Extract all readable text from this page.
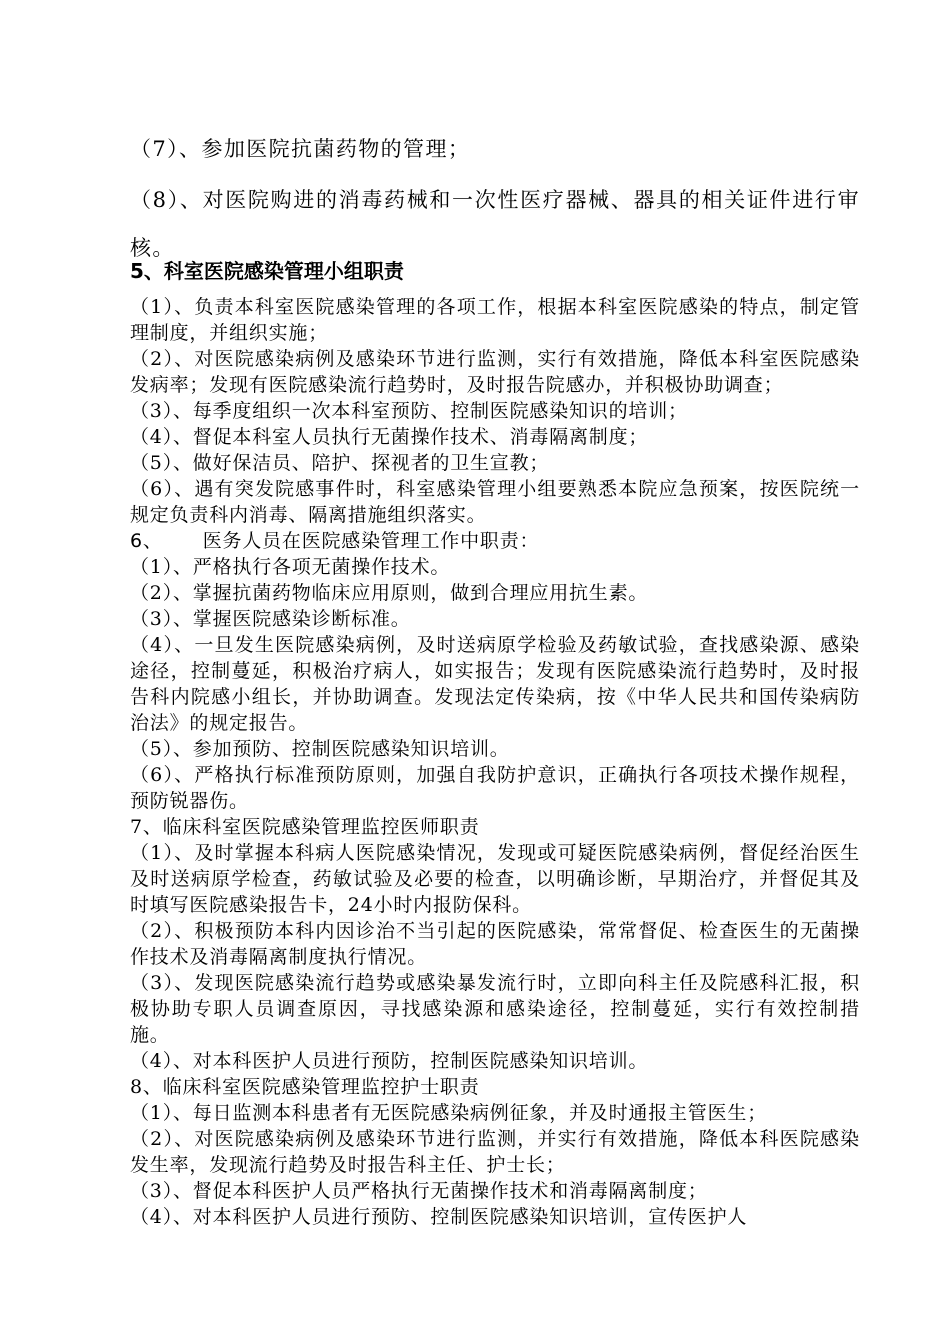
（7）、参加医院抗菌药物的管理；

（8）、对医院购进的消毒药械和一次性医疗器械、器具的相关证件进行审核。

5、科室医院感染管理小组职责
（1）、负责本科室医院感染管理的各项工作，根据本科室医院感染的特点，制定管理制度，并组织实施；
（2）、对医院感染病例及感染环节进行监测，实行有效措施，降低本科室医院感染发病率；发现有医院感染流行趋势时，及时报告院感办，并积极协助调查；
（3）、每季度组织一次本科室预防、控制医院感染知识的培训；
（4）、督促本科室人员执行无菌操作技术、消毒隔离制度；
（5）、做好保洁员、陪护、探视者的卫生宣教；
（6）、遇有突发院感事件时，科室感染管理小组要熟悉本院应急预案，按医院统一规定负责科内消毒、隔离措施组织落实。
6、 医务人员在医院感染管理工作中职责：
（1）、严格执行各项无菌操作技术。
（2）、掌握抗菌药物临床应用原则，做到合理应用抗生素。
（3）、掌握医院感染诊断标准。
（4）、一旦发生医院感染病例，及时送病原学检验及药敏试验，查找感染源、感染途径，控制蔓延，积极治疗病人，如实报告；发现有医院感染流行趋势时，及时报告科内院感小组长，并协助调查。发现法定传染病，按《中华人民共和国传染病防治法》的规定报告。
（5）、参加预防、控制医院感染知识培训。
（6）、严格执行标准预防原则，加强自我防护意识，正确执行各项技术操作规程，预防锐器伤。
7、临床科室医院感染管理监控医师职责
（1）、及时掌握本科病人医院感染情况，发现或可疑医院感染病例，督促经治医生及时送病原学检查，药敏试验及必要的检查，以明确诊断，早期治疗，并督促其及时填写医院感染报告卡，24小时内报防保科。
（2）、积极预防本科内因诊治不当引起的医院感染，常常督促、检查医生的无菌操作技术及消毒隔离制度执行情况。
（3）、发现医院感染流行趋势或感染暴发流行时，立即向科主任及院感科汇报，积极协助专职人员调查原因，寻找感染源和感染途径，控制蔓延，实行有效控制措施。
（4）、对本科医护人员进行预防，控制医院感染知识培训。
8、临床科室医院感染管理监控护士职责
（1）、每日监测本科患者有无医院感染病例征象，并及时通报主管医生；
（2）、对医院感染病例及感染环节进行监测，并实行有效措施，降低本科医院感染发生率，发现流行趋势及时报告科主任、护士长；
（3）、督促本科医护人员严格执行无菌操作技术和消毒隔离制度；
（4）、对本科医护人员进行预防、控制医院感染知识培训，宣传医护人
